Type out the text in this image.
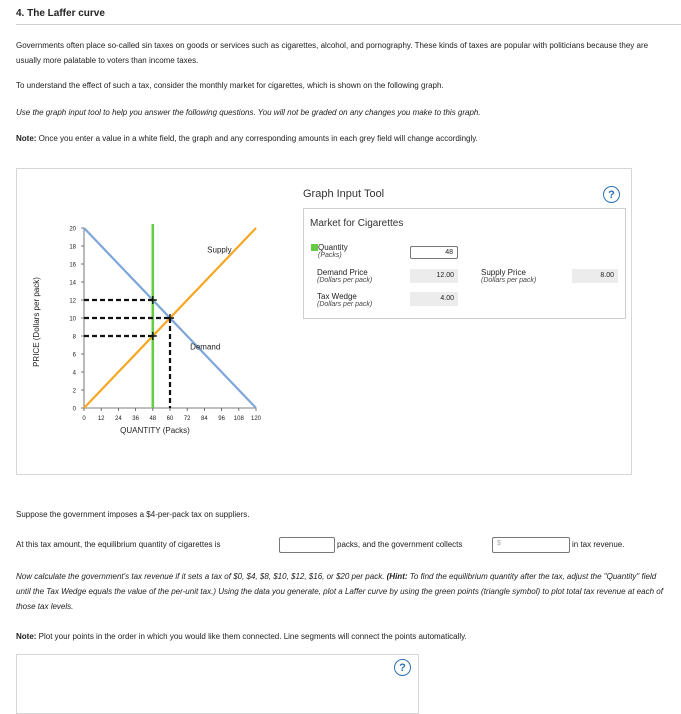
4. The Laffer curve
Governments often place so-called sin taxes on goods or services such as cigarettes, alcohol, and pornography. These kinds of taxes are popular with politicians because they are usually more palatable to voters than income taxes.
To understand the effect of such a tax, consider the monthly market for cigarettes, which is shown on the following graph.
Use the graph input tool to help you answer the following questions. You will not be graded on any changes you make to this graph.
Note: Once you enter a value in a white field, the graph and any corresponding amounts in each grey field will change accordingly.
PRICE (Dollars per pack)
QUANTITY (Packs)
0
2
4
6
8
10
12
14
16
18
20
0 12 24 36 48 60 72 84 96 108 120
Supply
Demand
Graph Input Tool	?
Market for Cigarettes
Quantity
(Packs)	48
Demand Price
(Dollars per pack)
12.00	Supply Price
(Dollars per pack)
8.00
Tax Wedge
(Dollars per pack)
4.00
Suppose the government imposes a $4-per-pack tax on suppliers.
At this tax amount, the equilibrium quantity of cigarettes is	packs, and the government collects	$	in tax revenue.
Now calculate the government's tax revenue if it sets a tax of $0, $4, $8, $10, $12, $16, or $20 per pack. (Hint: To find the equilibrium quantity after the tax, adjust the "Quantity" field until the Tax Wedge equals the value of the per-unit tax.) Using the data you generate, plot a Laffer curve by using the green points (triangle symbol) to plot total tax revenue at each of those tax levels.
Note: Plot your points in the order in which you would like them connected. Line segments will connect the points automatically.
?
